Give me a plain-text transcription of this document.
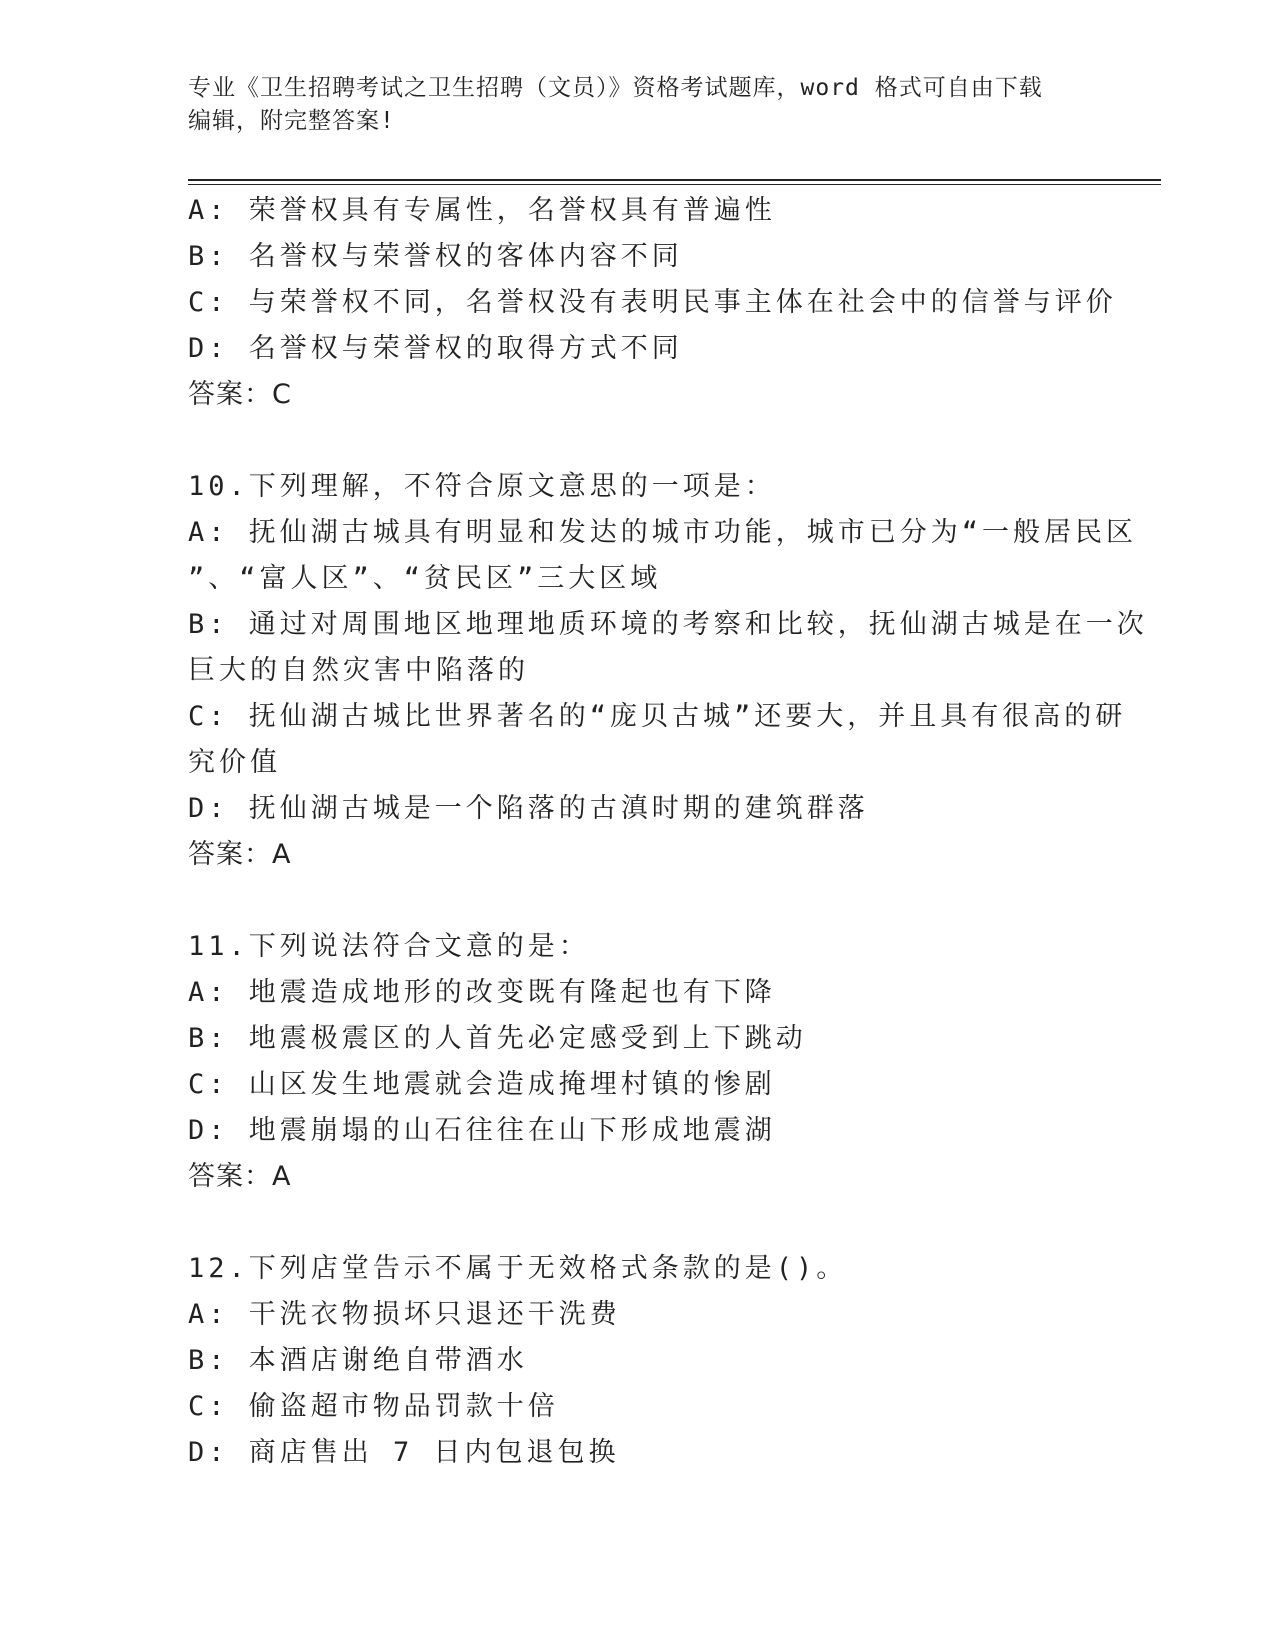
专业《卫生招聘考试之卫生招聘（文员）》资格考试题库，word 格式可自由下载
编辑，附完整答案!
A: 荣誉权具有专属性，名誉权具有普遍性
B: 名誉权与荣誉权的客体内容不同
C: 与荣誉权不同，名誉权没有表明民事主体在社会中的信誉与评价
D: 名誉权与荣誉权的取得方式不同
答案：C
10.下列理解，不符合原文意思的一项是：
A: 抚仙湖古城具有明显和发达的城市功能，城市已分为“一般居民区
”、“富人区”、“贫民区”三大区域
B: 通过对周围地区地理地质环境的考察和比较，抚仙湖古城是在一次
巨大的自然灾害中陷落的
C: 抚仙湖古城比世界著名的“庞贝古城”还要大，并且具有很高的研
究价值
D: 抚仙湖古城是一个陷落的古滇时期的建筑群落
答案：A
11.下列说法符合文意的是：
A: 地震造成地形的改变既有隆起也有下降
B: 地震极震区的人首先必定感受到上下跳动
C: 山区发生地震就会造成掩埋村镇的惨剧
D: 地震崩塌的山石往往在山下形成地震湖
答案：A
12.下列店堂告示不属于无效格式条款的是()。
A: 干洗衣物损坏只退还干洗费
B: 本酒店谢绝自带酒水
C: 偷盗超市物品罚款十倍
D: 商店售出 7 日内包退包换
